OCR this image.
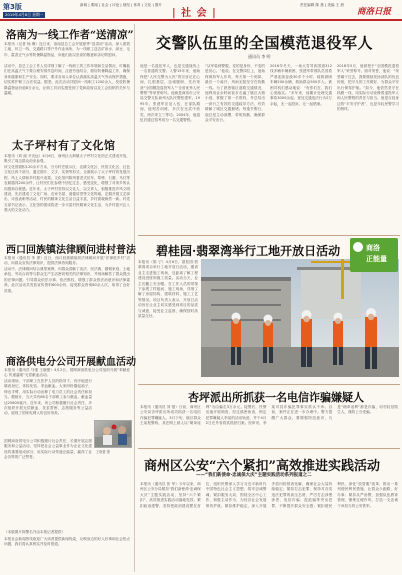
第3版
2019年4月8日 星期一
新闻 | 要闻 | 社会 | 评论 | 财经 | 体育 | 文化 | 图片
| 社 会 |
责任编辑 陈 燕 | 美编 王 晨
商洛日报
洛南为一线工作者“送清凉”
本报讯（记者 杨 琳）连日来，洛南县总工会开展夏季“送清凉”活动，深入建筑工地、环卫一线、交通路口等户外作业场所，为一线职工送去矿泉水、绿豆、毛巾、藿香正气水等防暑降温物品，向他们致以崇高的敬意和亲切的慰问。
活动中，县总工会工作人员详细了解了一线职工的工作环境和生活情况，叮嘱他们在高温天气下要合理安排作息时间，注意劳逸结合，做好防暑降温工作，确保身体健康和生产安全。同时，要求各用人单位认真落实高温天气劳动保护措施，切实维护职工合法权益。据悉，此次活动共慰问一线职工1200余人，发放防暑降温物品价值8万余元，让职工们切实感受到了党和政府以及工会组织的关怀与温暖。
太子坪村有了文化馆
本报讯（刘 丽 尹光远）4月6日，商州区大荆镇太子坪村文化馆正式建成开放，吸引了周边群众前来参观。
该文化馆面积120余平方米，分为村史展示区、农耕文化区、民俗文化区、红色文化区四个部分，通过图片、文字、实物等形式，全面展示了太子坪村的发展历程、风土人情和乡村振兴成果。文化馆内陈列着老式纺车、犁铧、石磨、马灯等农耕器具200余件，让村民们在参观中回忆过去、感受变化，增强了对家乡的认同感和自豪感。近年来，太子坪村坚持以文化人、以文育人，积极推进乡风文明建设，先后建成了文化广场、农家书屋、道德讲堂等文化阵地，定期开展文艺演出、评选表彰等活动，村民的精神文化生活日益丰富，乡村面貌焕然一新。村党支部书记表示，文化馆的建成将进一步丰富村民精神文化生活，为乡村振兴注入强大的文化动力。
西口回族镇法律顾问进村普法
本报讯（通讯员 李 勇）近日，西口回族镇组织法律顾问开展“法律进乡村”活动，向群众宣传法律知识，提供法律咨询服务。
活动中，法律顾问结合典型案例，向群众讲解了宪法、民法典、婚姻家庭、土地承包、劳动合同等与群众生产生活密切相关的法律知识，并现场解答了群众提出的法律问题，引导群众依法办事、依法维权，增强了群众的法治意识和法律素养。此次活动共发放宣传资料600余份，接受群众咨询80余人次，取得了良好效果。
商洛供电分公司开展献血活动
本报讯（通讯员 马强 王晓蕾）4月2日，国网商洛供电分公司组织开展“奉献爱心 传递温暖”无偿献血活动。
活动现场，干部职工在医护人员的指导下，有序地进行填表登记、体检化验、采血献血。大家纷纷撸起袖子，伸出手臂，用实际行动诠释了电力员工的社会责任和担当。据统计，当天共有86名干部职工参与献血，献血量达25800毫升。近年来，该公司积极履行社会责任，多次组织开展无偿献血、扶贫帮困、志愿服务等公益活动，展现了国家电网人的良好形象。
王晓蕾 摄
国网商洛供电分公司积极履行社会责任，长期开展志愿服务和公益活动，坚持把社会公益事业作为企业文化建设的重要组成部分，用实际行动传递正能量，赢得了社会各界的广泛赞誉。
（本版图片除署名外由本报记者提供）
本报社会新闻热线欢迎广大读者提供新闻线索，反映身边的好人好事和社会热点问题，我们将认真核实并及时报道。
交警队伍里的全国模范退役军人
通讯员 李 明
他是一名退伍军人，也是交通战线上一名普通的交警。入警15年来，他始终把“人民交警为人民”的宗旨记在心间，扎根基层，忠诚履职，先后荣获“全国模范退役军人”“全省优秀人民警察”等荣誉称号。他就是商洛市公安局交警支队商州大队民警张建军。1995年，张建军应征入伍，在部队期间，他刻苦训练，多次在比武中获奖，两次荣立三等功。2004年，他退伍后通过招考成为一名交通警察。
“从军装到警服，变的是身份，不变的是初心。”他说。在交警岗位上，他始终保持军人作风，每天第一个到岗，最后一个离开，风雨无阻坚守在执勤一线。为了熟悉辖区道路交通情况，他利用业余时间徒步走遍了辖区大街小巷，掌握了第一手资料，并总结出一套行之有效的交通疏导方法，有效缓解了城区交通拥堵。每逢节假日，他总是主动请缨，带班执勤，确保群众平安出行。
2016年冬天，一场大雪导致国道312线多辆车辆被困，张建军带领队员冒着严寒连续奋战30多个小时，疏散被困车辆200余辆，救助群众500多人。被困司机们感动地说：“有你们在，我们心里踏实。”多年来，他累计处理交通事故3000余起，查处交通违法行为2万余起，无一起投诉，无一起错案。
2018年5月，他被授予“全国模范退役军人”荣誉称号。面对荣誉，他说：“荣誉属于过去，我要继续发扬部队的优良传统，把平凡的工作做好，为群众平安出行保驾护航。”如今，他依然坚守在执勤一线，用实际行动诠释着退役军人和人民警察的责任与担当。他是百姓身边的“平安守护者”，也是年轻民警学习的榜样。
碧桂园·翡翠湾举行工地开放日活动
本报讯（陈 宁）4月6日，碧桂园·翡翠湾项目举行工地开放日活动，邀请业主走进施工现场，近距离了解工程建设进度和施工质量。活动当天，业主们戴上安全帽，在工作人员的带领下参观了样板间、施工现场，详细了解了房屋结构、建筑材料、施工工艺等情况。项目负责人表示，开放日活动旨在让业主切实感受到项目的品质与诚意，接受业主监督，确保按时高质量交付。
商洛
正能量
杏坪派出所抓获一名电信诈骗嫌疑人
本报讯（通讯员 刘 强）日前，商州区公安局杏坪派出所成功抓获一名电信诈骗犯罪嫌疑人。3月下旬，辖区群众王某报警称，其在网上被人以“刷单返利”为由骗走3万余元。接警后，民警迅速开展调查，经过缜密侦查，锁定犯罪嫌疑人李某的活动轨迹，并于4月2日在外省将其抓获归案。经审讯，李某对其诈骗犯罪事实供认不讳。目前，案件正在进一步办理中。警方提醒广大群众，要增强防范意识，凡是“刷单返利”都是诈骗，切勿轻信陌生人，谨防上当受骗。
商州区公安“六个紧扣”高效推进实践活动
——“我们新使命·忠诚保大庆”主题实践活动系列报道之二
本报讯（通讯员 张 华）今年以来，商州区公安分局紧扣“我们新使命·忠诚保大庆”主题实践活动，坚持“六个紧扣”，高效推进实践活动落地见效。紧扣政治建警，坚持把政治建设摆在首位，组织民警深入学习习近平新时代中国特色社会主义思想，筑牢忠诚警魂；紧扣服务大局，围绕全区中心工作，积极主动作为，为经济社会发展保驾护航；紧扣维护稳定，深入开展矛盾纠纷排查化解，确保社会大局持续稳定；紧扣打击犯罪，保持对各类违法犯罪的高压态势，严厉打击涉黑涉恶、电信诈骗、盗抢骗等突出犯罪，不断提升群众安全感；紧扣便民利民，深化“放管服”改革，推出一系列便民利民措施，让群众少跑路、好办事；紧扣从严治警，加强队伍教育管理，锤炼过硬作风，打造一支忠诚干净担当的公安铁军。
